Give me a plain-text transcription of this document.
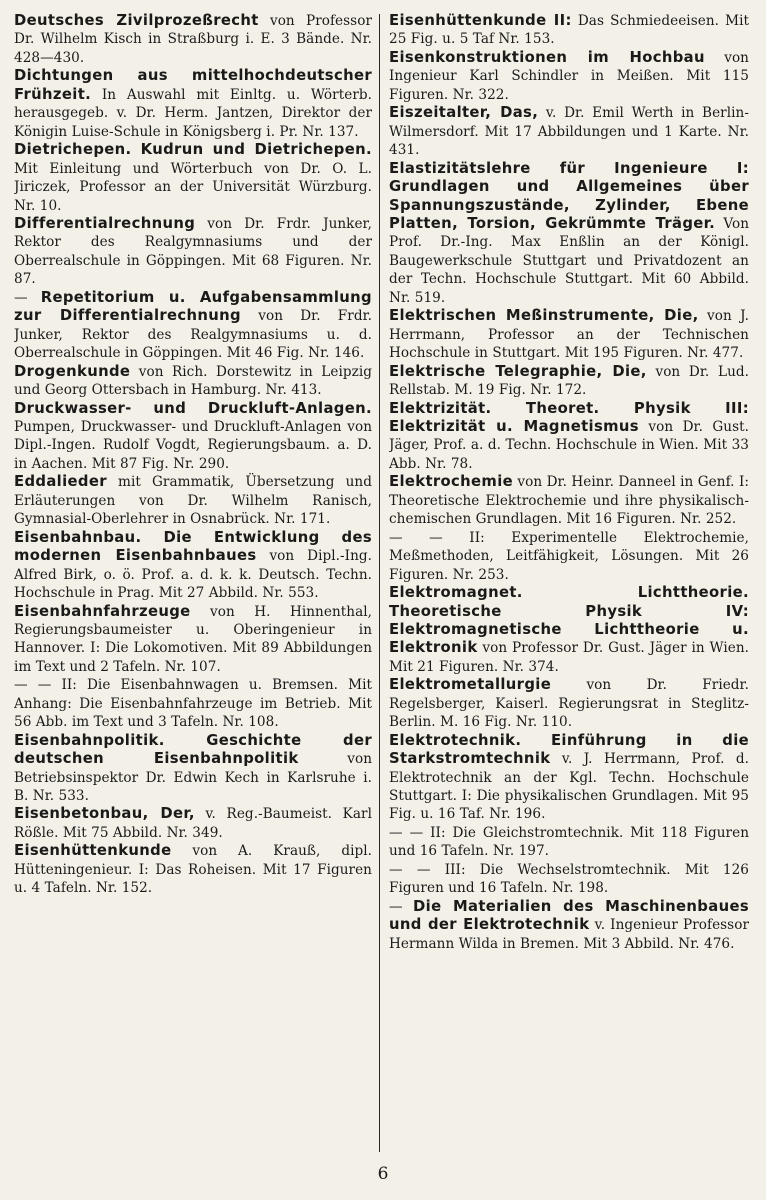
Deutsches Zivilprozeßrecht von Professor Dr. Wilhelm Kisch in Straßburg i. E. 3 Bände. Nr. 428—430.

Dichtungen aus mittelhochdeutscher Frühzeit. In Auswahl mit Einltg. u. Wörterb. herausgegeb. v. Dr. Herm. Jantzen, Direktor der Königin Luise-Schule in Königsberg i. Pr. Nr. 137.

Dietrichepen. Kudrun und Dietrichepen. Mit Einleitung und Wörterbuch von Dr. O. L. Jiriczek, Professor an der Universität Würzburg. Nr. 10.

Differentialrechnung von Dr. Frdr. Junker, Rektor des Realgymnasiums und der Oberrealschule in Göppingen. Mit 68 Figuren. Nr. 87.

— Repetitorium u. Aufgabensammlung zur Differentialrechnung von Dr. Frdr. Junker, Rektor des Realgymnasiums u. d. Oberrealschule in Göppingen. Mit 46 Fig. Nr. 146.

Drogenkunde von Rich. Dorstewitz in Leipzig und Georg Ottersbach in Hamburg. Nr. 413.

Druckwasser- und Druckluft-Anlagen. Pumpen, Druckwasser- und Druckluft-Anlagen von Dipl.-Ingen. Rudolf Vogdt, Regierungsbaum. a. D. in Aachen. Mit 87 Fig. Nr. 290.

Eddalieder mit Grammatik, Übersetzung und Erläuterungen von Dr. Wilhelm Ranisch, Gymnasial-Oberlehrer in Osnabrück. Nr. 171.

Eisenbahnbau. Die Entwicklung des modernen Eisenbahnbaues von Dipl.-Ing. Alfred Birk, o. ö. Prof. a. d. k. k. Deutsch. Techn. Hochschule in Prag. Mit 27 Abbild. Nr. 553.

Eisenbahnfahrzeuge von H. Hinnenthal, Regierungsbaumeister u. Oberingenieur in Hannover. I: Die Lokomotiven. Mit 89 Abbildungen im Text und 2 Tafeln. Nr. 107.

— — II: Die Eisenbahnwagen u. Bremsen. Mit Anhang: Die Eisenbahnfahrzeuge im Betrieb. Mit 56 Abb. im Text und 3 Tafeln. Nr. 108.

Eisenbahnpolitik. Geschichte der deutschen Eisenbahnpolitik von Betriebsinspektor Dr. Edwin Kech in Karlsruhe i. B. Nr. 533.

Eisenbetonbau, Der, v. Reg.-Baumeist. Karl Rößle. Mit 75 Abbild. Nr. 349.

Eisenhüttenkunde von A. Krauß, dipl. Hütteningenieur. I: Das Roheisen. Mit 17 Figuren u. 4 Tafeln. Nr. 152.

Eisenhüttenkunde II: Das Schmiedeeisen. Mit 25 Fig. u. 5 Taf Nr. 153.

Eisenkonstruktionen im Hochbau von Ingenieur Karl Schindler in Meißen. Mit 115 Figuren. Nr. 322.

Eiszeitalter, Das, v. Dr. Emil Werth in Berlin-Wilmersdorf. Mit 17 Abbildungen und 1 Karte. Nr. 431.

Elastizitätslehre für Ingenieure I: Grundlagen und Allgemeines über Spannungszustände, Zylinder, Ebene Platten, Torsion, Gekrümmte Träger. Von Prof. Dr.-Ing. Max Enßlin an der Königl. Baugewerkschule Stuttgart und Privatdozent an der Techn. Hochschule Stuttgart. Mit 60 Abbild. Nr. 519.

Elektrischen Meßinstrumente, Die, von J. Herrmann, Professor an der Technischen Hochschule in Stuttgart. Mit 195 Figuren. Nr. 477.

Elektrische Telegraphie, Die, von Dr. Lud. Rellstab. M. 19 Fig. Nr. 172.

Elektrizität. Theoret. Physik III: Elektrizität u. Magnetismus von Dr. Gust. Jäger, Prof. a. d. Techn. Hochschule in Wien. Mit 33 Abb. Nr. 78.

Elektrochemie von Dr. Heinr. Danneel in Genf. I: Theoretische Elektrochemie und ihre physikalisch-chemischen Grundlagen. Mit 16 Figuren. Nr. 252.

— — II: Experimentelle Elektrochemie, Meßmethoden, Leitfähigkeit, Lösungen. Mit 26 Figuren. Nr. 253.

Elektromagnet. Lichttheorie. Theoretische Physik IV: Elektromagnetische Lichttheorie u. Elektronik von Professor Dr. Gust. Jäger in Wien. Mit 21 Figuren. Nr. 374.

Elektrometallurgie von Dr. Friedr. Regelsberger, Kaiserl. Regierungsrat in Steglitz-Berlin. M. 16 Fig. Nr. 110.

Elektrotechnik. Einführung in die Starkstromtechnik v. J. Herrmann, Prof. d. Elektrotechnik an der Kgl. Techn. Hochschule Stuttgart. I: Die physikalischen Grundlagen. Mit 95 Fig. u. 16 Taf. Nr. 196.

— — II: Die Gleichstromtechnik. Mit 118 Figuren und 16 Tafeln. Nr. 197.

— — III: Die Wechselstromtechnik. Mit 126 Figuren und 16 Tafeln. Nr. 198.

— Die Materialien des Maschinenbaues und der Elektrotechnik v. Ingenieur Professor Hermann Wilda in Bremen. Mit 3 Abbild. Nr. 476.

6
